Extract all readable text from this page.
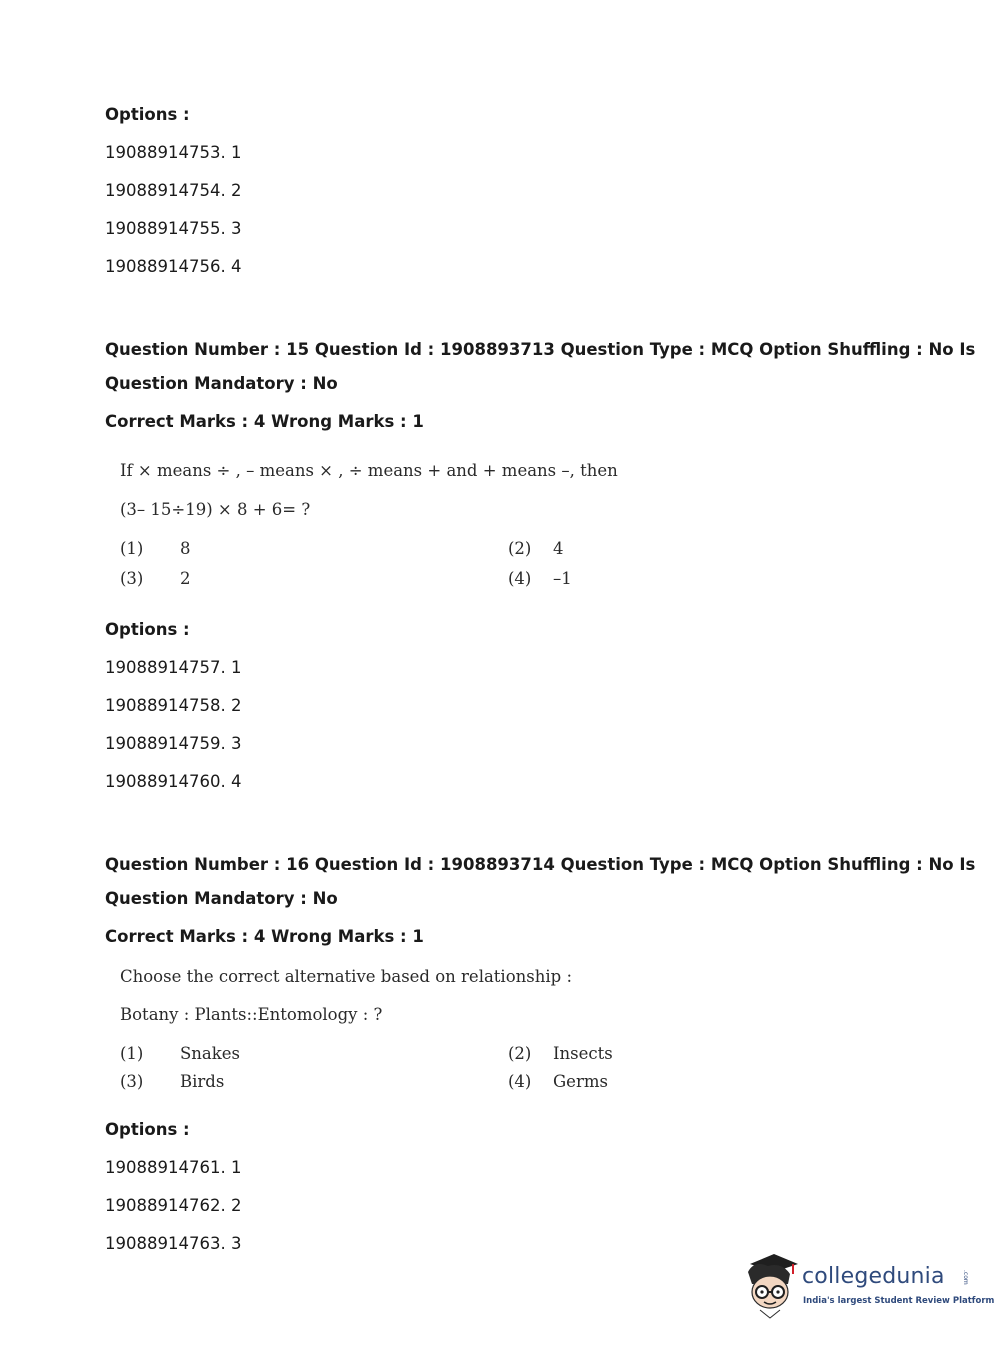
Options :
19088914753. 1
19088914754. 2
19088914755. 3
19088914756. 4
Question Number : 15 Question Id : 1908893713 Question Type : MCQ Option Shuffling : No Is
Question Mandatory : No
Correct Marks : 4 Wrong Marks : 1
If × means ÷ , – means × , ÷ means + and + means –, then
(3– 15÷19) × 8 + 6= ?
(1) 8	(2) 4
(3) 2	(4) –1
Options :
19088914757. 1
19088914758. 2
19088914759. 3
19088914760. 4
Question Number : 16 Question Id : 1908893714 Question Type : MCQ Option Shuffling : No Is
Question Mandatory : No
Correct Marks : 4 Wrong Marks : 1
Choose the correct alternative based on relationship :
Botany : Plants::Entomology : ?
(1) Snakes	(2) Insects
(3) Birds	(4) Germs
Options :
19088914761. 1
19088914762. 2
19088914763. 3
collegedunia	.com
India's largest Student Review Platform
